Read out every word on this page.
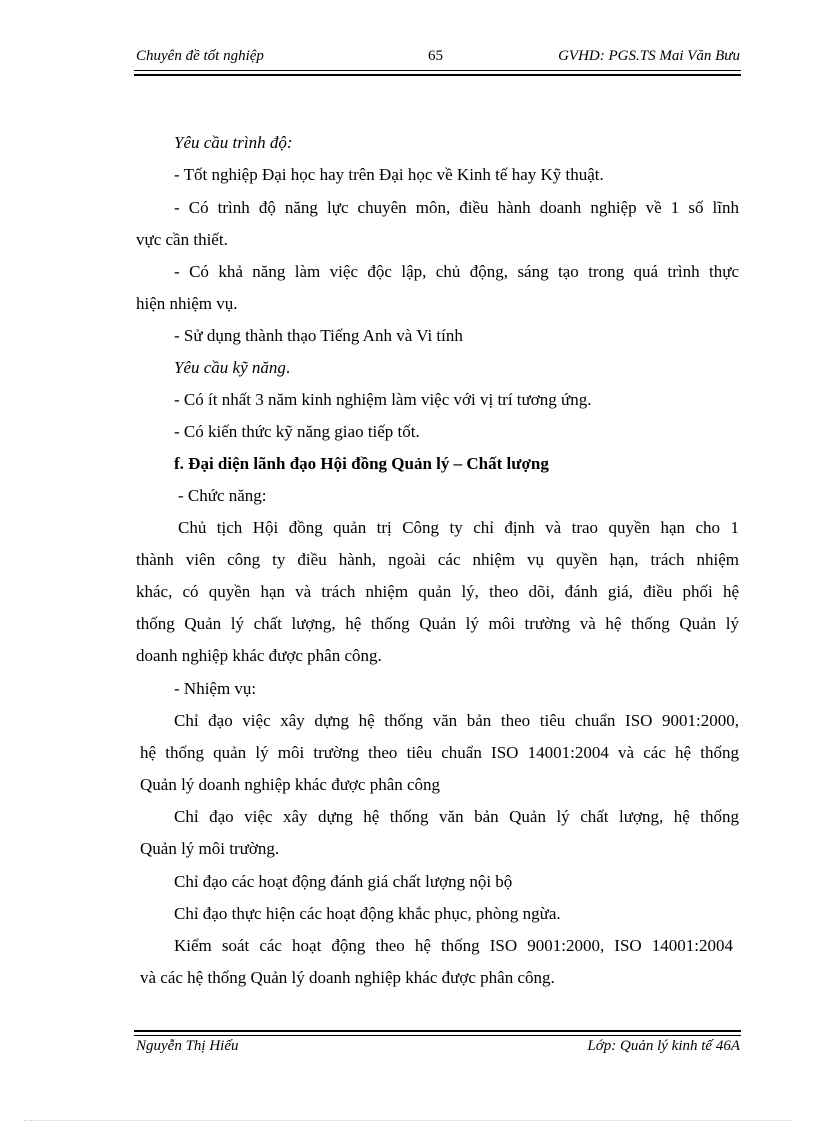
Chuyên đề tốt nghiệp	65	GVHD: PGS.TS Mai Văn Bưu
Yêu cầu trình độ:
- Tốt nghiệp Đại học hay trên Đại học về Kinh tế hay Kỹ thuật.
- Có trình độ năng lực chuyên môn, điều hành doanh nghiệp về 1 số lĩnh
vực cần thiết.
- Có khả năng làm việc độc lập, chủ động, sáng tạo trong quá trình thực
hiện nhiệm vụ.
- Sử dụng thành thạo Tiếng Anh và Vi tính
Yêu cầu kỹ năng.
- Có ít nhất 3 năm kinh nghiệm làm việc với vị trí tương ứng.
- Có kiến thức kỹ năng giao tiếp tốt.
f. Đại diện lãnh đạo Hội đồng Quản lý – Chất lượng
- Chức năng:
Chủ tịch Hội đồng quản trị Công ty chỉ định và trao quyền hạn cho 1
thành viên công ty điều hành, ngoài các nhiệm vụ quyền hạn, trách nhiệm
khác, có quyền hạn và trách nhiệm quản lý, theo dõi, đánh giá, điều phối hệ
thống Quản lý chất lượng, hệ thống Quản lý môi trường và hệ thống Quản lý
doanh nghiệp khác được phân công.
- Nhiệm vụ:
Chỉ đạo việc xây dựng hệ thống văn bản theo tiêu chuẩn ISO 9001:2000,
hệ thống quản lý môi trường theo tiêu chuẩn ISO 14001:2004 và các hệ thống
Quản lý doanh nghiệp khác được phân công
Chỉ đạo việc xây dựng hệ thống văn bản Quản lý chất lượng, hệ thống
Quản lý môi trường.
Chỉ đạo các hoạt động đánh giá chất lượng nội bộ
Chỉ đạo thực hiện các hoạt động khắc phục, phòng ngừa.
Kiểm soát các hoạt động theo hệ thống ISO 9001:2000, ISO 14001:2004
và các hệ thống Quản lý doanh nghiệp khác được phân công.
Nguyễn Thị Hiếu	Lớp: Quản lý kinh tế 46A
